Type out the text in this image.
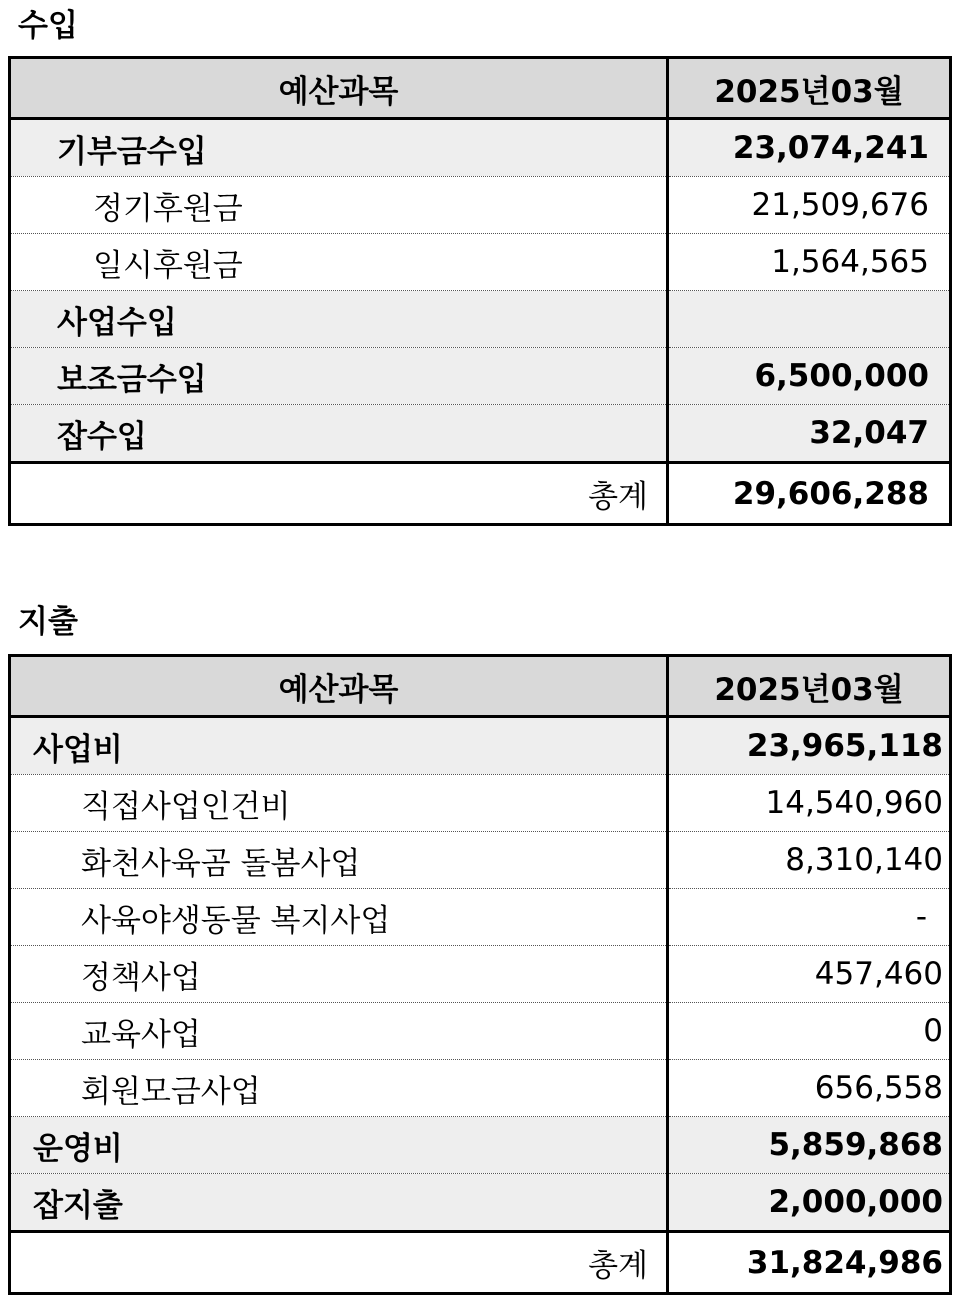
수입
예산과목	2025년03월
기부금수입	23,074,241
정기후원금	21,509,676
일시후원금	1,564,565
사업수입	
보조금수입	6,500,000
잡수입	32,047
총계	29,606,288
지출
예산과목	2025년03월
사업비	23,965,118
직접사업인건비	14,540,960
화천사육곰 돌봄사업	8,310,140
사육야생동물 복지사업	-
정책사업	457,460
교육사업	0
회원모금사업	656,558
운영비	5,859,868
잡지출	2,000,000
총계	31,824,986
